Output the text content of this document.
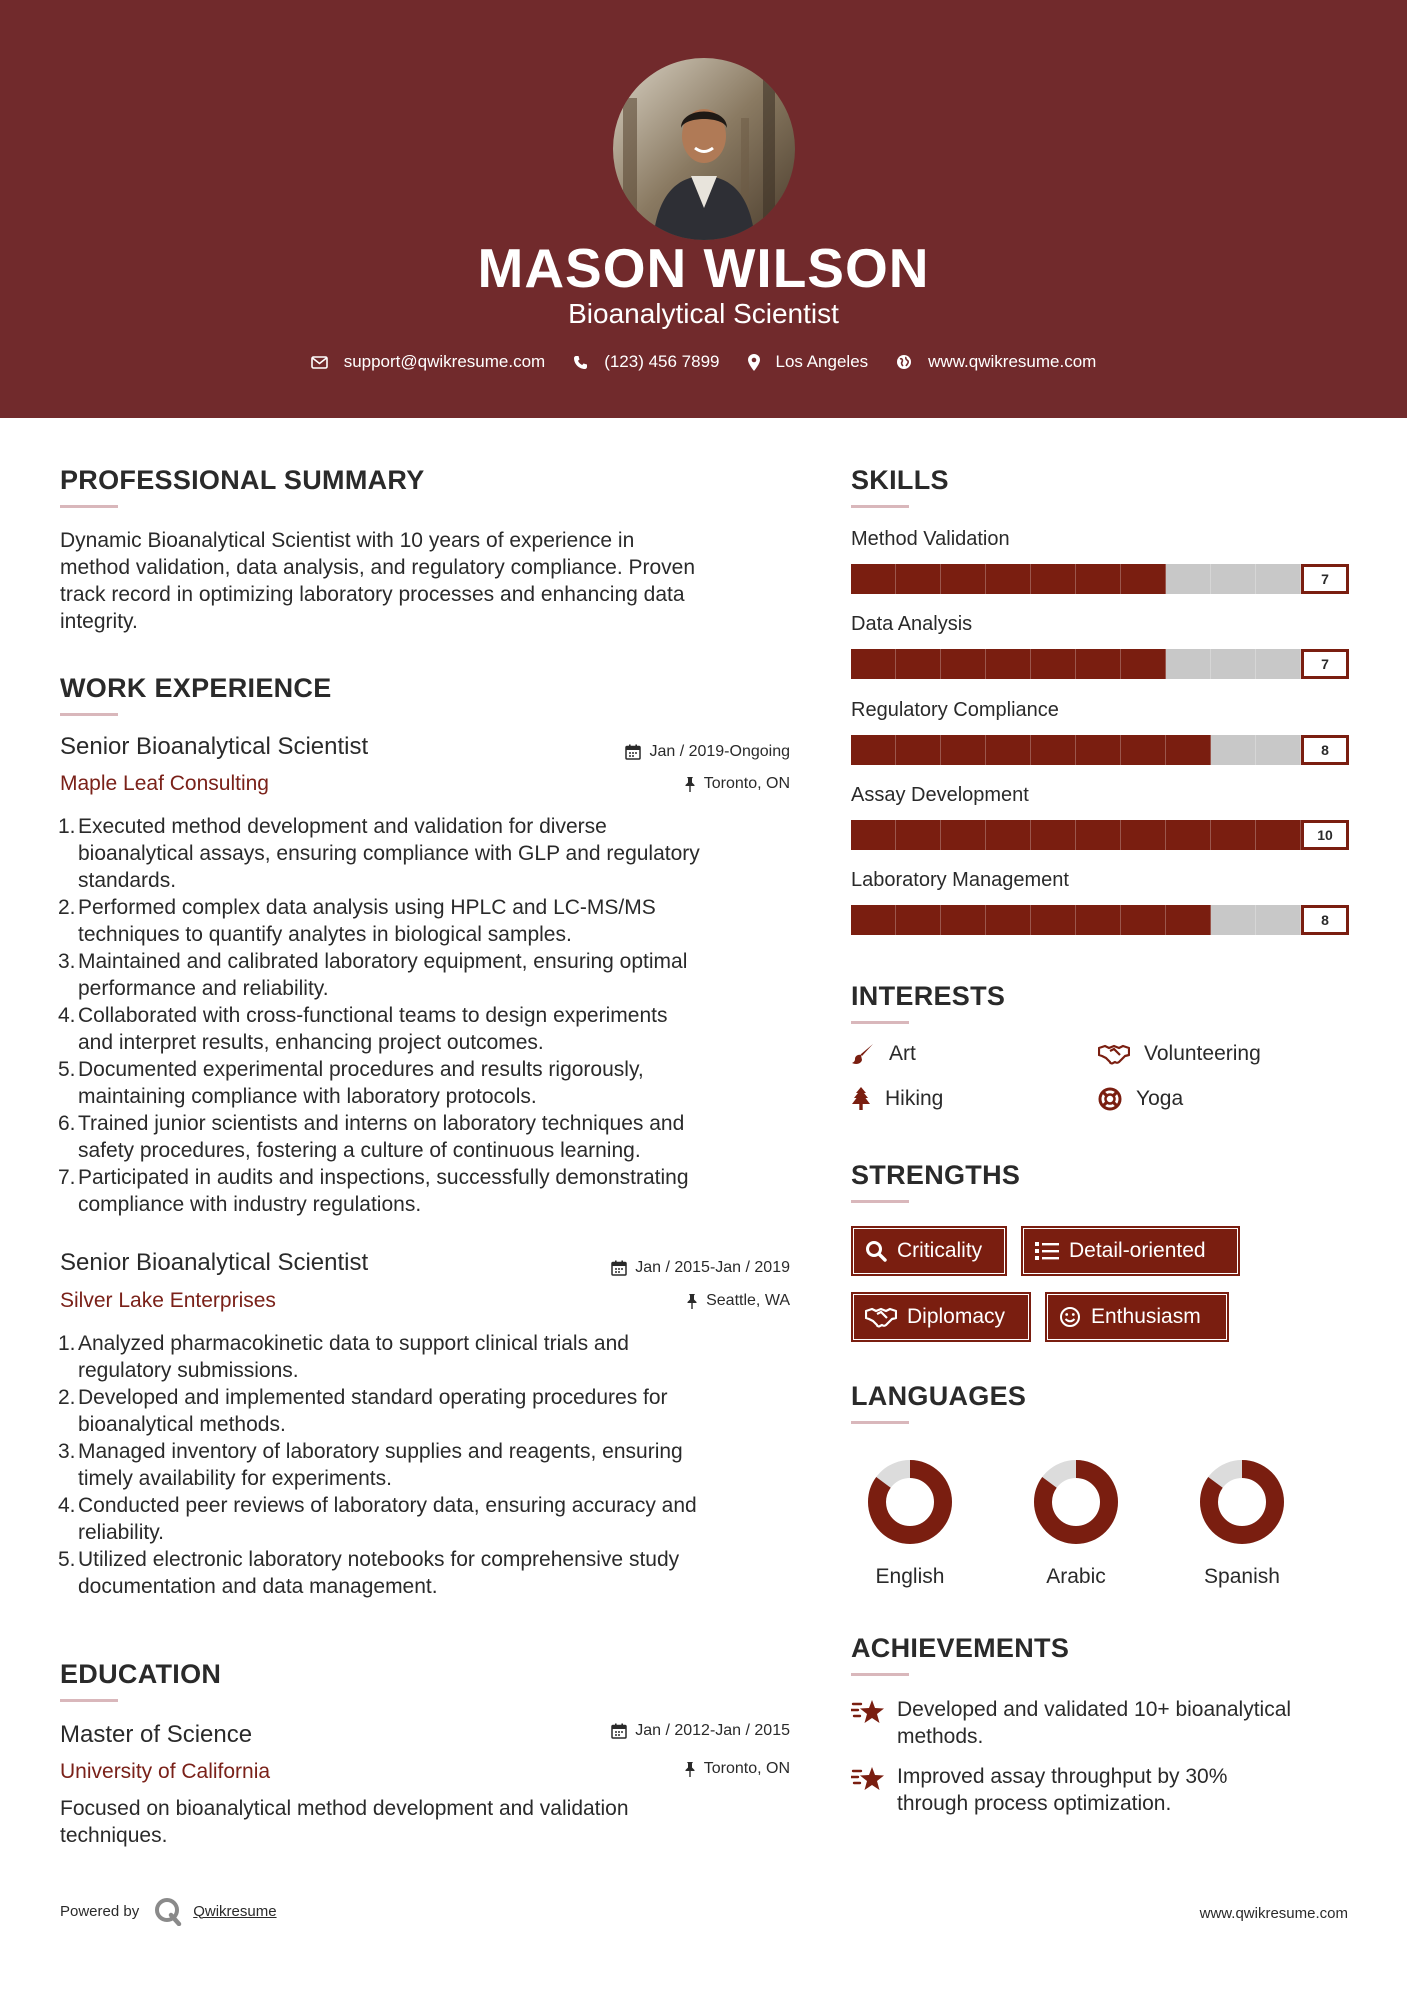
MASON WILSON
Bioanalytical Scientist
support@qwikresume.com	(123) 456 7899	Los Angeles	www.qwikresume.com
PROFESSIONAL SUMMARY
Dynamic Bioanalytical Scientist with 10 years of experience in
method validation, data analysis, and regulatory compliance. Proven
track record in optimizing laboratory processes and enhancing data
integrity.
WORK EXPERIENCE
Senior Bioanalytical Scientist	Jan / 2019-Ongoing
Maple Leaf Consulting	Toronto, ON
1. Executed method development and validation for diverse
bioanalytical assays, ensuring compliance with GLP and regulatory
standards.
2. Performed complex data analysis using HPLC and LC-MS/MS
techniques to quantify analytes in biological samples.
3. Maintained and calibrated laboratory equipment, ensuring optimal
performance and reliability.
4. Collaborated with cross-functional teams to design experiments
and interpret results, enhancing project outcomes.
5. Documented experimental procedures and results rigorously,
maintaining compliance with laboratory protocols.
6. Trained junior scientists and interns on laboratory techniques and
safety procedures, fostering a culture of continuous learning.
7. Participated in audits and inspections, successfully demonstrating
compliance with industry regulations.
Senior Bioanalytical Scientist	Jan / 2015-Jan / 2019
Silver Lake Enterprises	Seattle, WA
1. Analyzed pharmacokinetic data to support clinical trials and
regulatory submissions.
2. Developed and implemented standard operating procedures for
bioanalytical methods.
3. Managed inventory of laboratory supplies and reagents, ensuring
timely availability for experiments.
4. Conducted peer reviews of laboratory data, ensuring accuracy and
reliability.
5. Utilized electronic laboratory notebooks for comprehensive study
documentation and data management.
EDUCATION
Master of Science	Jan / 2012-Jan / 2015
University of California	Toronto, ON
Focused on bioanalytical method development and validation
techniques.
SKILLS
Method Validation
7
Data Analysis
7
Regulatory Compliance
8
Assay Development
10
Laboratory Management
8
INTERESTS
Art	Volunteering
Hiking	Yoga
STRENGTHS
Criticality	Detail-oriented
Diplomacy	Enthusiasm
LANGUAGES
English	Arabic	Spanish
ACHIEVEMENTS
Developed and validated 10+ bioanalytical
methods.
Improved assay throughput by 30%
through process optimization.
Powered by	Qwikresume	www.qwikresume.com
